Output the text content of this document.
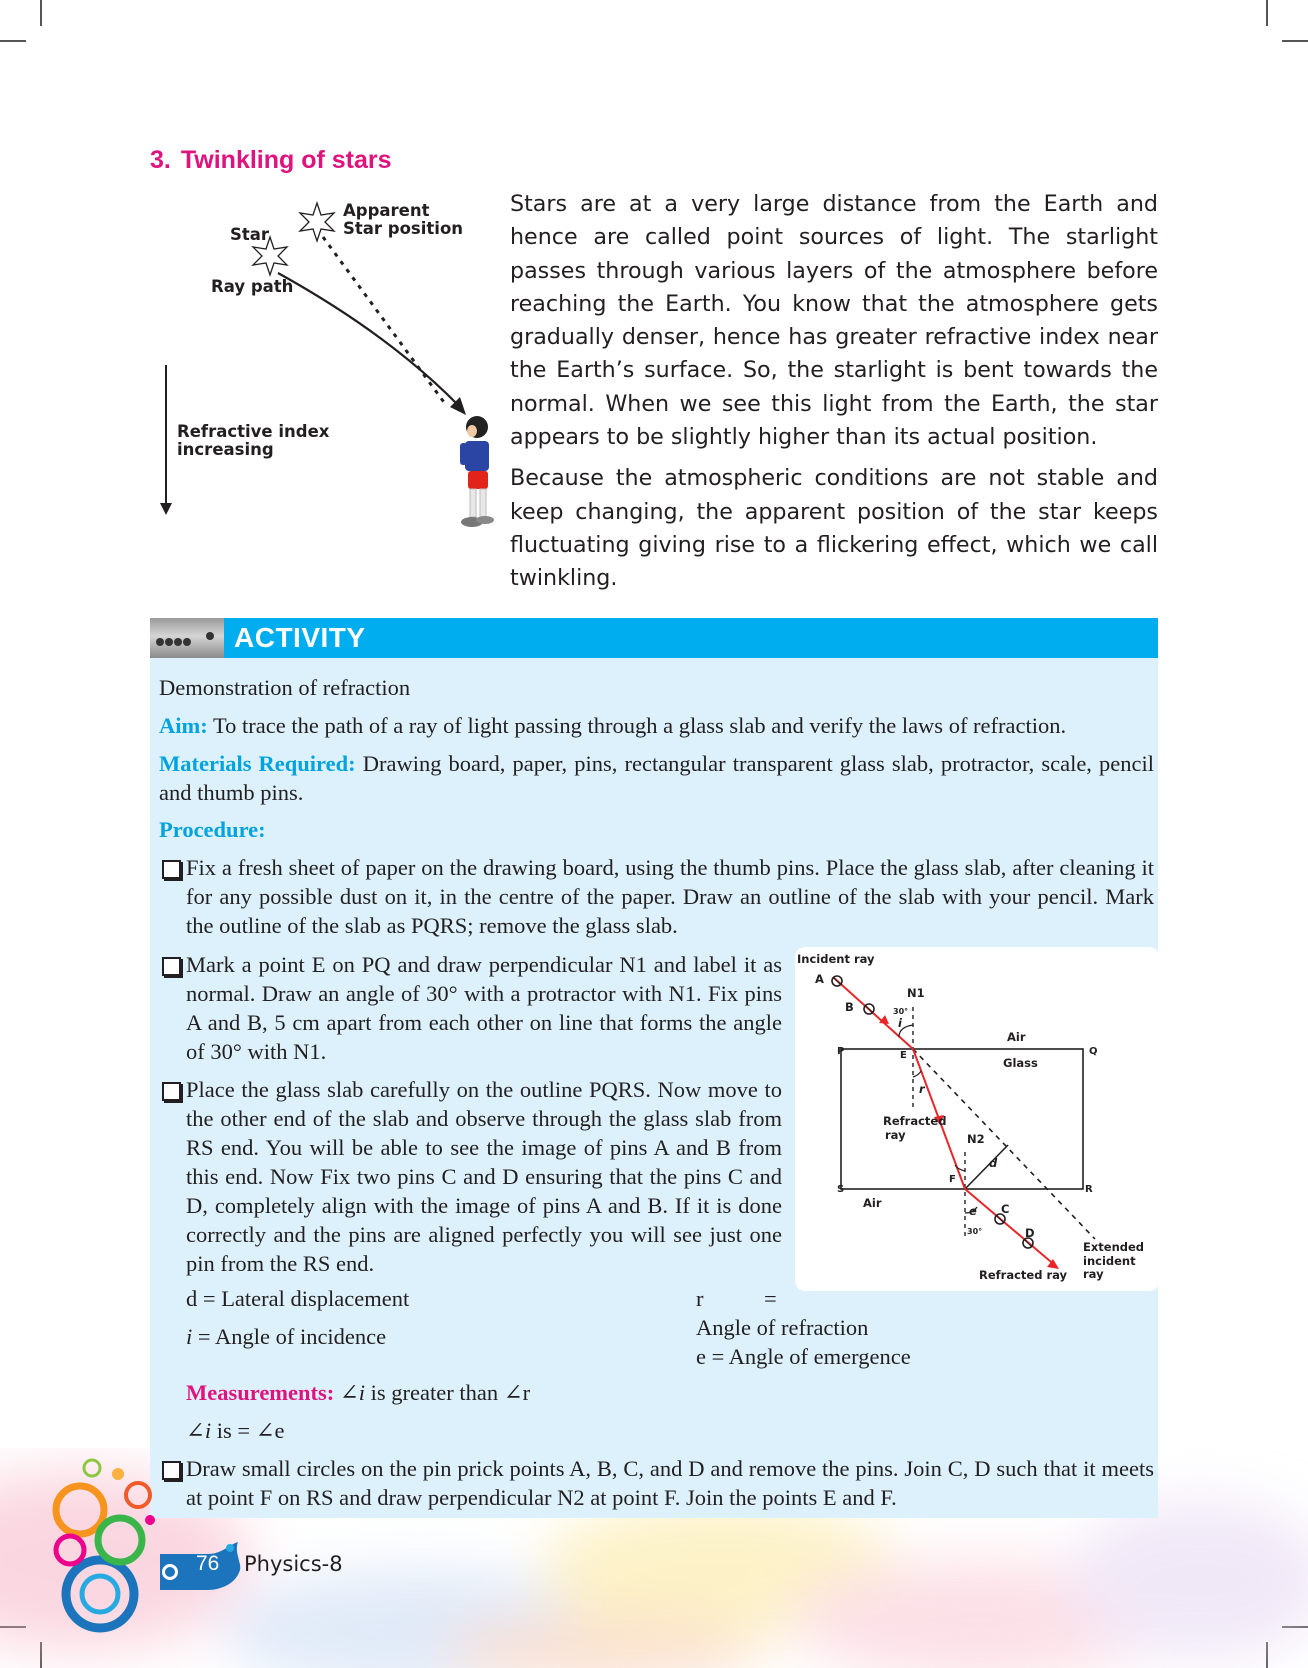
3. Twinkling of stars
Star
Apparent
Star position
Ray path
Refractive index
increasing

Stars are at a very large distance from the Earth and hence are called point sources of light. The starlight passes through various layers of the atmosphere before reaching the Earth. You know that the atmosphere gets gradually denser, hence has greater refractive index near the Earth’s surface. So, the starlight is bent towards the normal. When we see this light from the Earth, the star appears to be slightly higher than its actual position.

Because the atmospheric conditions are not stable and keep changing, the apparent position of the star keeps fluctuating giving rise to a flickering effect, which we call twinkling.

ACTIVITY
Demonstration of refraction
Aim: To trace the path of a ray of light passing through a glass slab and verify the laws of refraction.
Materials Required: Drawing board, paper, pins, rectangular transparent glass slab, protractor, scale, pencil and thumb pins.
Procedure:
Fix a fresh sheet of paper on the drawing board, using the thumb pins. Place the glass slab, after cleaning it for any possible dust on it, in the centre of the paper. Draw an outline of the slab with your pencil. Mark the outline of the slab as PQRS; remove the glass slab.
Mark a point E on PQ and draw perpendicular N1 and label it as normal. Draw an angle of 30° with a protractor with N1. Fix pins A and B, 5 cm apart from each other on line that forms the angle of 30° with N1.
Place the glass slab carefully on the outline PQRS. Now move to the other end of the slab and observe through the glass slab from RS end. You will be able to see the image of pins A and B from this end. Now Fix two pins C and D ensuring that the pins C and D, completely align with the image of pins A and B. If it is done correctly and the pins are aligned perfectly you will see just one pin from the RS end.
d = Lateral displacement
i = Angle of incidence
r	=
Angle of refraction
e = Angle of emergence
Measurements: ∠i is greater than ∠r
∠i is = ∠e
Draw small circles on the pin prick points A, B, C, and D and remove the pins. Join C, D such that it meets at point F on RS and draw perpendicular N2 at point F. Join the points E and F.
Incident ray
A
B
N1
30°
i
P	E	Q
Air
Glass
r
Refracted
ray	N2
d
F
S	R
Air
e C
30°	D
Extended
incident ray
Refracted ray
76 Physics-8
